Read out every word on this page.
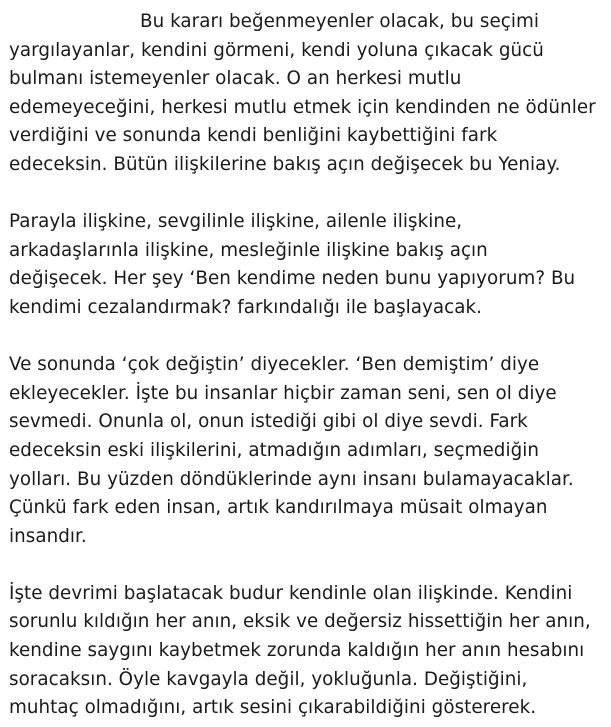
Bu kararı beğenmeyenler olacak, bu seçimi
yargılayanlar, kendini görmeni, kendi yoluna çıkacak gücü
bulmanı istemeyenler olacak. O an herkesi mutlu
edemeyeceğini, herkesi mutlu etmek için kendinden ne ödünler
verdiğini ve sonunda kendi benliğini kaybettiğini fark
edeceksin. Bütün ilişkilerine bakış açın değişecek bu Yeniay.
Parayla ilişkine, sevgilinle ilişkine, ailenle ilişkine,
arkadaşlarınla ilişkine, mesleğinle ilişkine bakış açın
değişecek. Her şey ‘Ben kendime neden bunu yapıyorum? Bu
kendimi cezalandırmak? farkındalığı ile başlayacak.
Ve sonunda ‘çok değiştin’ diyecekler. ‘Ben demiştim’ diye
ekleyecekler. İşte bu insanlar hiçbir zaman seni, sen ol diye
sevmedi. Onunla ol, onun istediği gibi ol diye sevdi. Fark
edeceksin eski ilişkilerini, atmadığın adımları, seçmediğin
yolları. Bu yüzden döndüklerinde aynı insanı bulamayacaklar.
Çünkü fark eden insan, artık kandırılmaya müsait olmayan
insandır.
İşte devrimi başlatacak budur kendinle olan ilişkinde. Kendini
sorunlu kıldığın her anın, eksik ve değersiz hissettiğin her anın,
kendine saygını kaybetmek zorunda kaldığın her anın hesabını
soracaksın. Öyle kavgayla değil, yokluğunla. Değiştiğini,
muhtaç olmadığını, artık sesini çıkarabildiğini göstererek.
